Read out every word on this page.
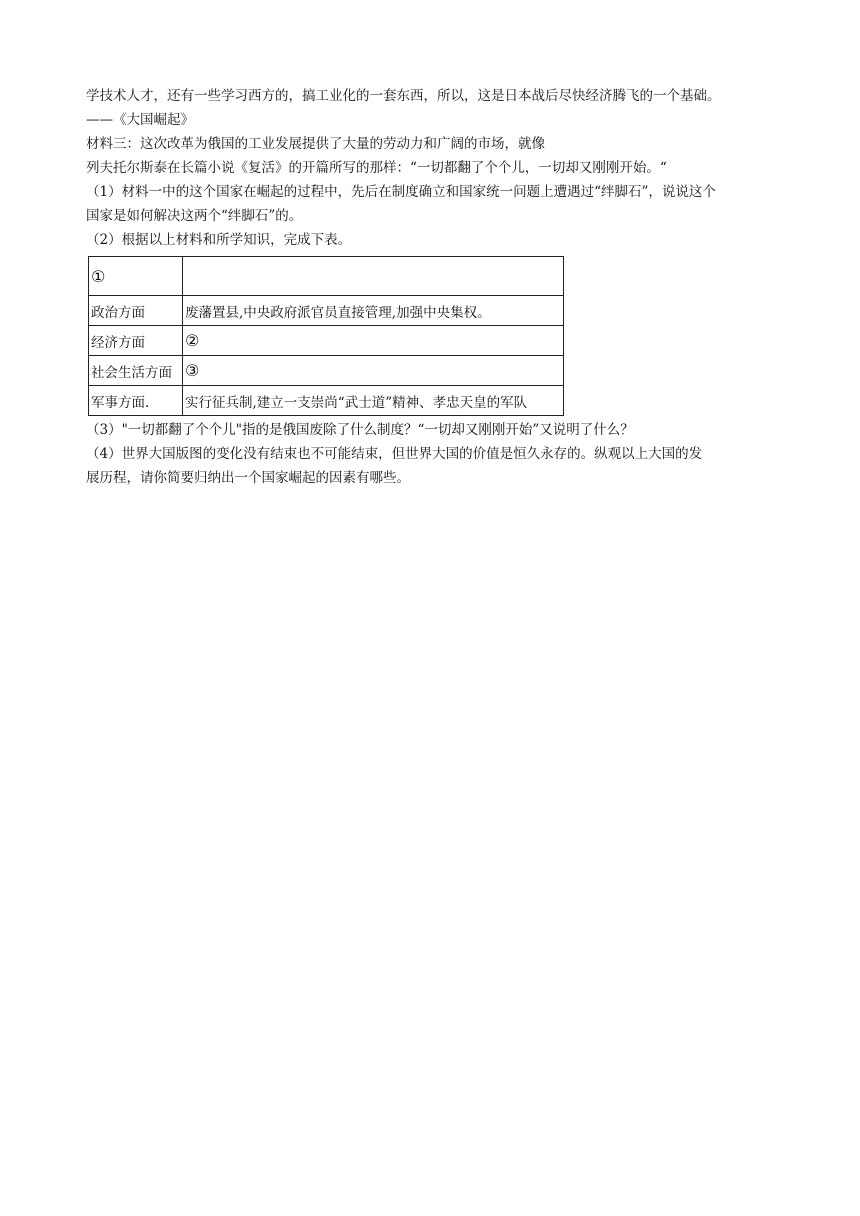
学技术人才，还有一些学习西方的，搞工业化的一套东西，所以，这是日本战后尽快经济腾飞的一个基础。
——《大国崛起》
材料三：这次改革为俄国的工业发展提供了大量的劳动力和广阔的市场，就像
列夫托尔斯泰在长篇小说《复活》的开篇所写的那样：“一切都翻了个个儿，一切却又刚刚开始。“
（1）材料一中的这个国家在崛起的过程中，先后在制度确立和国家统一问题上遭遇过“绊脚石”，说说这个
国家是如何解决这两个“绊脚石”的。
（2）根据以上材料和所学知识，完成下表。
①	
政治方面	废藩置县,中央政府派官员直接管理,加强中央集权。
经济方面	②
社会生活方面	③
军事方面.	实行征兵制,建立一支崇尚“武士道”精神、孝忠天皇的军队
（3）"一切都翻了个个儿"指的是俄国废除了什么制度？“一切却又刚刚开始”又说明了什么？
（4）世界大国版图的变化没有结束也不可能结束，但世界大国的价值是恒久永存的。纵观以上大国的发
展历程，请你简要归纳出一个国家崛起的因素有哪些。
